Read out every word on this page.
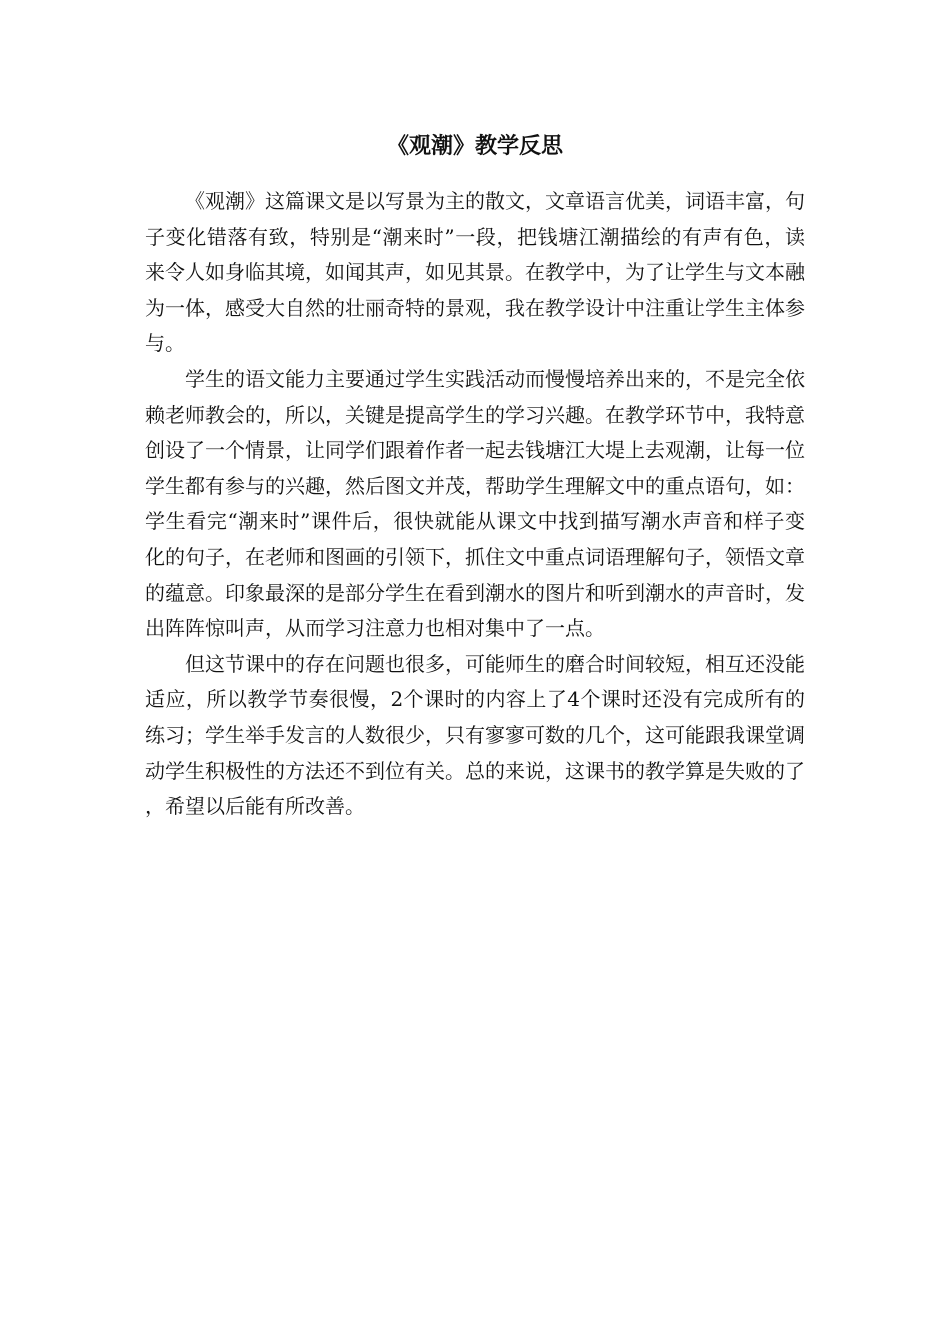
《观潮》教学反思

《观潮》这篇课文是以写景为主的散文，文章语言优美，词语丰富，句子变化错落有致，特别是“潮来时”一段，把钱塘江潮描绘的有声有色，读来令人如身临其境，如闻其声，如见其景。在教学中，为了让学生与文本融为一体，感受大自然的壮丽奇特的景观，我在教学设计中注重让学生主体参与。

学生的语文能力主要通过学生实践活动而慢慢培养出来的，不是完全依赖老师教会的，所以，关键是提高学生的学习兴趣。在教学环节中，我特意创设了一个情景，让同学们跟着作者一起去钱塘江大堤上去观潮，让每一位学生都有参与的兴趣，然后图文并茂，帮助学生理解文中的重点语句，如：学生看完“潮来时”课件后，很快就能从课文中找到描写潮水声音和样子变化的句子，在老师和图画的引领下，抓住文中重点词语理解句子，领悟文章的蕴意。印象最深的是部分学生在看到潮水的图片和听到潮水的声音时，发出阵阵惊叫声，从而学习注意力也相对集中了一点。

但这节课中的存在问题也很多，可能师生的磨合时间较短，相互还没能适应，所以教学节奏很慢，2个课时的内容上了4个课时还没有完成所有的练习；学生举手发言的人数很少，只有寥寥可数的几个，这可能跟我课堂调动学生积极性的方法还不到位有关。总的来说，这课书的教学算是失败的了，希望以后能有所改善。
